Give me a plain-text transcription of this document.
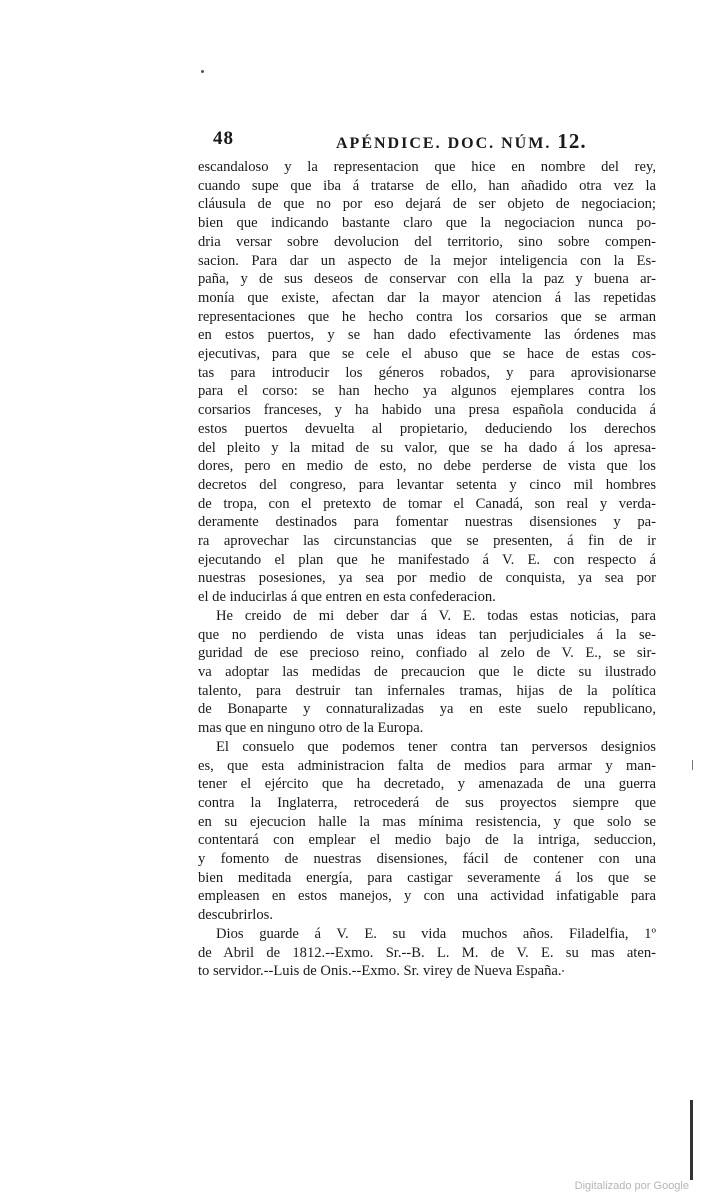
48	APÉNDICE. DOC. NÚM. 12.
escandaloso y la representacion que hice en nombre del rey,
cuando supe que iba á tratarse de ello, han añadido otra vez la
cláusula de que no por eso dejará de ser objeto de negociacion;
bien que indicando bastante claro que la negociacion nunca po-
dria versar sobre devolucion del territorio, sino sobre compen-
sacion. Para dar un aspecto de la mejor inteligencia con la Es-
paña, y de sus deseos de conservar con ella la paz y buena ar-
monía que existe, afectan dar la mayor atencion á las repetidas
representaciones que he hecho contra los corsarios que se arman
en estos puertos, y se han dado efectivamente las órdenes mas
ejecutivas, para que se cele el abuso que se hace de estas cos-
tas para introducir los géneros robados, y para aprovisionarse
para el corso: se han hecho ya algunos ejemplares contra los
corsarios franceses, y ha habido una presa española conducida á
estos puertos devuelta al propietario, deduciendo los derechos
del pleito y la mitad de su valor, que se ha dado á los apresa-
dores, pero en medio de esto, no debe perderse de vista que los
decretos del congreso, para levantar setenta y cinco mil hombres
de tropa, con el pretexto de tomar el Canadá, son real y verda-
deramente destinados para fomentar nuestras disensiones y pa-
ra aprovechar las circunstancias que se presenten, á fin de ir
ejecutando el plan que he manifestado á V. E. con respecto á
nuestras posesiones, ya sea por medio de conquista, ya sea por
el de inducirlas á que entren en esta confederacion.
He creido de mi deber dar á V. E. todas estas noticias, para
que no perdiendo de vista unas ideas tan perjudiciales á la se-
guridad de ese precioso reino, confiado al zelo de V. E., se sir-
va adoptar las medidas de precaucion que le dicte su ilustrado
talento, para destruir tan infernales tramas, hijas de la política
de Bonaparte y connaturalizadas ya en este suelo republicano,
mas que en ninguno otro de la Europa.
El consuelo que podemos tener contra tan perversos designios
es, que esta administracion falta de medios para armar y man-
tener el ejército que ha decretado, y amenazada de una guerra
contra la Inglaterra, retrocederá de sus proyectos siempre que
en su ejecucion halle la mas mínima resistencia, y que solo se
contentará con emplear el medio bajo de la intriga, seduccion,
y fomento de nuestras disensiones, fácil de contener con una
bien meditada energía, para castigar severamente á los que se
empleasen en estos manejos, y con una actividad infatigable para
descubrirlos.
Dios guarde á V. E. su vida muchos años. Filadelfia, 1º
de Abril de 1812.--Exmo. Sr.--B. L. M. de V. E. su mas aten-
to servidor.--Luis de Onis.--Exmo. Sr. virey de Nueva España.
Digitalizado por Google
